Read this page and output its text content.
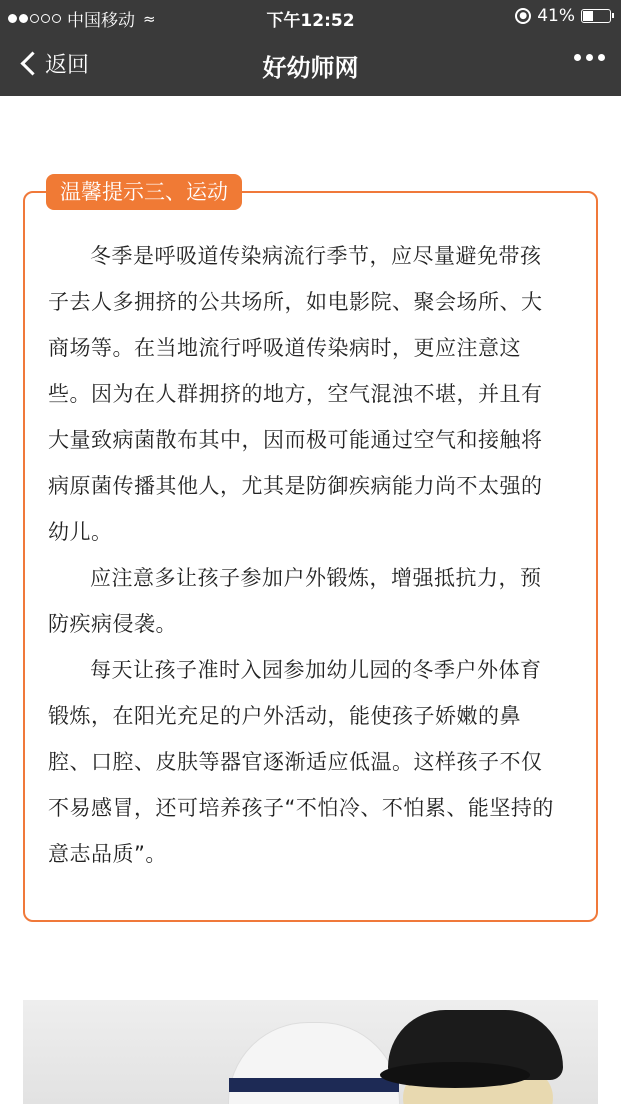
中国移动 ≈	下午12:52	● 41%
返回	好幼师网
温馨提示三、运动

冬季是呼吸道传染病流行季节，应尽量避免带孩子去人多拥挤的公共场所，如电影院、聚会场所、大商场等。在当地流行呼吸道传染病时，更应注意这些。因为在人群拥挤的地方，空气混浊不堪，并且有大量致病菌散布其中，因而极可能通过空气和接触将病原菌传播其他人，尤其是防御疾病能力尚不太强的幼儿。

应注意多让孩子参加户外锻炼，增强抵抗力，预防疾病侵袭。

每天让孩子准时入园参加幼儿园的冬季户外体育锻炼，在阳光充足的户外活动，能使孩子娇嫩的鼻腔、口腔、皮肤等器官逐渐适应低温。这样孩子不仅不易感冒，还可培养孩子“不怕冷、不怕累、能坚持的意志品质”。
